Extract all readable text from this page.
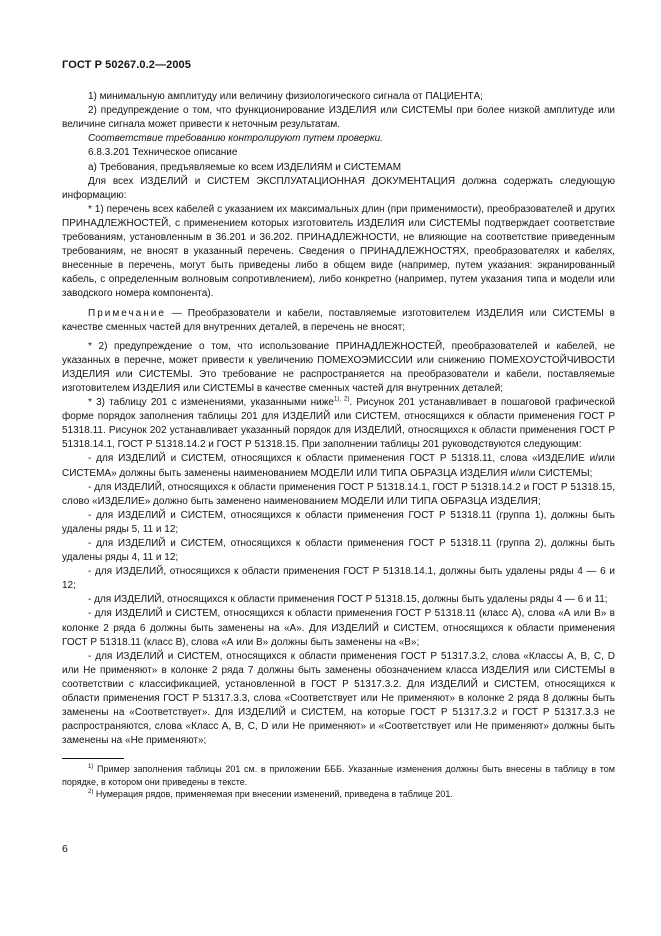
ГОСТ Р 50267.0.2—2005

1) минимальную амплитуду или величину физиологического сигнала от ПАЦИЕНТА;

2) предупреждение о том, что функционирование ИЗДЕЛИЯ или СИСТЕМЫ при более низкой амплитуде или величине сигнала может привести к неточным результатам.

Соответствие требованию контролируют путем проверки.

6.8.3.201 Техническое описание

а) Требования, предъявляемые ко всем ИЗДЕЛИЯМ и СИСТЕМАМ

Для всех ИЗДЕЛИЙ и СИСТЕМ ЭКСПЛУАТАЦИОННАЯ ДОКУМЕНТАЦИЯ должна содержать следующую информацию:

* 1) перечень всех кабелей с указанием их максимальных длин (при применимости), преобразователей и других ПРИНАДЛЕЖНОСТЕЙ, с применением которых изготовитель ИЗДЕЛИЯ или СИСТЕМЫ подтверждает соответствие требованиям, установленным в 36.201 и 36.202. ПРИНАДЛЕЖНОСТИ, не влияющие на соответствие приведенным требованиям, не вносят в указанный перечень. Сведения о ПРИНАДЛЕЖНОСТЯХ, преобразователях и кабелях, внесенные в перечень, могут быть приведены либо в общем виде (например, путем указания: экранированный кабель, с определенным волновым сопротивлением), либо конкретно (например, путем указания типа и модели или заводского номера компонента).

Примечание — Преобразователи и кабели, поставляемые изготовителем ИЗДЕЛИЯ или СИСТЕМЫ в качестве сменных частей для внутренних деталей, в перечень не вносят;

* 2) предупреждение о том, что использование ПРИНАДЛЕЖНОСТЕЙ, преобразователей и кабелей, не указанных в перечне, может привести к увеличению ПОМЕХОЭМИССИИ или снижению ПОМЕХОУСТОЙЧИВОСТИ ИЗДЕЛИЯ или СИСТЕМЫ. Это требование не распространяется на преобразователи и кабели, поставляемые изготовителем ИЗДЕЛИЯ или СИСТЕМЫ в качестве сменных частей для внутренних деталей;

* 3) таблицу 201 с изменениями, указанными ниже$^{1), 2)}$. Рисунок 201 устанавливает в пошаговой графической форме порядок заполнения таблицы 201 для ИЗДЕЛИЙ или СИСТЕМ, относящихся к области применения ГОСТ Р 51318.11. Рисунок 202 устанавливает указанный порядок для ИЗДЕЛИЙ, относящихся к области применения ГОСТ Р 51318.14.1, ГОСТ Р 51318.14.2 и ГОСТ Р 51318.15. При заполнении таблицы 201 руководствуются следующим:

- для ИЗДЕЛИЙ и СИСТЕМ, относящихся к области применения ГОСТ Р 51318.11, слова «ИЗДЕЛИЕ и/или СИСТЕМА» должны быть заменены наименованием МОДЕЛИ ИЛИ ТИПА ОБРАЗЦА ИЗДЕЛИЯ и/или СИСТЕМЫ;

- для ИЗДЕЛИЙ, относящихся к области применения ГОСТ Р 51318.14.1, ГОСТ Р 51318.14.2 и ГОСТ Р 51318.15, слово «ИЗДЕЛИЕ» должно быть заменено наименованием МОДЕЛИ ИЛИ ТИПА ОБРАЗЦА ИЗДЕЛИЯ;

- для ИЗДЕЛИЙ и СИСТЕМ, относящихся к области применения ГОСТ Р 51318.11 (группа 1), должны быть удалены ряды 5, 11 и 12;

- для ИЗДЕЛИЙ и СИСТЕМ, относящихся к области применения ГОСТ Р 51318.11 (группа 2), должны быть удалены ряды 4, 11 и 12;

- для ИЗДЕЛИЙ, относящихся к области применения ГОСТ Р 51318.14.1, должны быть удалены ряды 4 — 6 и 12;

- для ИЗДЕЛИЙ, относящихся к области применения ГОСТ Р 51318.15, должны быть удалены ряды 4 — 6 и 11;

- для ИЗДЕЛИЙ и СИСТЕМ, относящихся к области применения ГОСТ Р 51318.11 (класс А), слова «А или В» в колонке 2 ряда 6 должны быть заменены на «А». Для ИЗДЕЛИЙ и СИСТЕМ, относящихся к области применения ГОСТ Р 51318.11 (класс В), слова «А или В» должны быть заменены на «В»;

- для ИЗДЕЛИЙ и СИСТЕМ, относящихся к области применения ГОСТ Р 51317.3.2, слова «Классы А, В, С, D или Не применяют» в колонке 2 ряда 7 должны быть заменены обозначением класса ИЗДЕЛИЯ или СИСТЕМЫ в соответствии с классификацией, установленной в ГОСТ Р 51317.3.2. Для ИЗДЕЛИЙ и СИСТЕМ, относящихся к области применения ГОСТ Р 51317.3.3, слова «Соответствует или Не применяют» в колонке 2 ряда 8 должны быть заменены на «Соответствует». Для ИЗДЕЛИЙ и СИСТЕМ, на которые ГОСТ Р 51317.3.2 и ГОСТ Р 51317.3.3 не распространяются, слова «Класс А, В, С, D или Не применяют» и «Соответствует или Не применяют» должны быть заменены на «Не применяют»;

$^{1)}$ Пример заполнения таблицы 201 см. в приложении БББ. Указанные изменения должны быть внесены в таблицу в том порядке, в котором они приведены в тексте.

$^{2)}$ Нумерация рядов, применяемая при внесении изменений, приведена в таблице 201.

6
